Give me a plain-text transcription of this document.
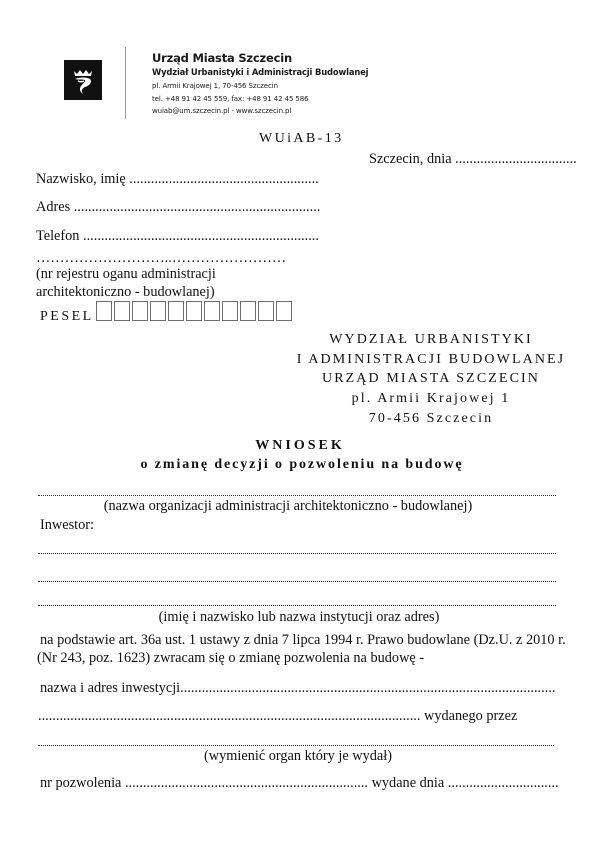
Urząd Miasta Szczecin
Wydział Urbanistyki i Administracji Budowlanej
pl. Armii Krajowej 1, 70-456 Szczecin
tel. +48 91 42 45 559, fax: +48 91 42 45 586
wuiab@um.szczecin.pl - www.szczecin.pl
WUiAB-13
Szczecin, dnia ..................................
Nazwisko, imię .....................................................
Adres .....................................................................
Telefon ..................................................................
………………………..……………………
(nr rejestru oganu administracji
architektoniczno - budowlanej)
PESEL
WYDZIAŁ URBANISTYKI
I ADMINISTRACJI BUDOWLANEJ
URZĄD MIASTA SZCZECIN
pl. Armii Krajowej 1
70-456 Szczecin
WNIOSEK
o zmianę decyzji o pozwoleniu na budowę
(nazwa organizacji administracji architektoniczno - budowlanej)
Inwestor:
(imię i nazwisko lub nazwa instytucji oraz adres)
na podstawie art. 36a ust. 1 ustawy z dnia 7 lipca 1994 r. Prawo budowlane (Dz.U. z 2010 r.
(Nr 243, poz. 1623) zwracam się o zmianę pozwolenia na budowę -
nazwa i adres inwestycji.........................................................................................................
........................................................................................................... wydanego przez
(wymienić organ który je wydał)
nr pozwolenia .................................................................... wydane dnia ...............................
